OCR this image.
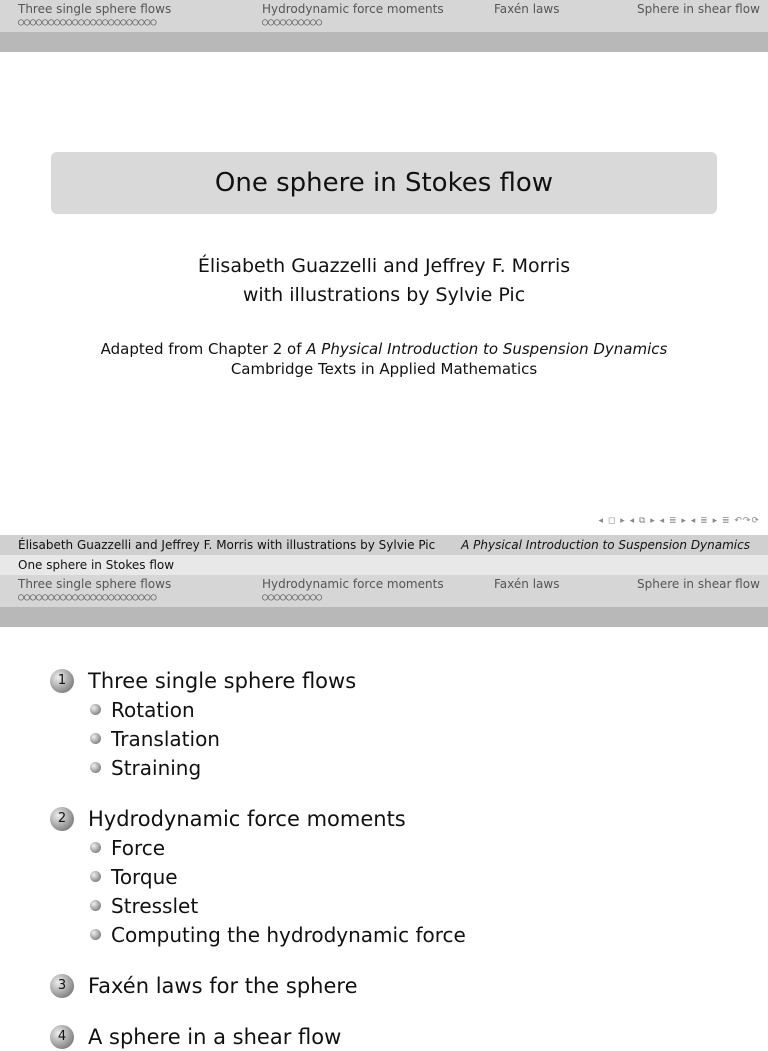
Three single sphere flows
○○○○○○○○○○○○○○○○○○○○○○○
Hydrodynamic force moments
○○○○○○○○○○
Faxén laws	Sphere in shear flow
One sphere in Stokes flow
Élisabeth Guazzelli and Jeffrey F. Morris
with illustrations by Sylvie Pic
Adapted from Chapter 2 of A Physical Introduction to Suspension Dynamics
Cambridge Texts in Applied Mathematics
◂ ◻ ▸ ◂ ⧉ ▸ ◂ ≣ ▸ ◂ ≣ ▸ ≣ ↶↷⟳
Élisabeth Guazzelli and Jeffrey F. Morris with illustrations by Sylvie Pic A Physical Introduction to Suspension Dynamics
One sphere in Stokes flow
Three single sphere flows
○○○○○○○○○○○○○○○○○○○○○○○
Hydrodynamic force moments
○○○○○○○○○○
Faxén laws	Sphere in shear flow
1	Three single sphere flows
Rotation
Translation
Straining
2	Hydrodynamic force moments
Force
Torque
Stresslet
Computing the hydrodynamic force
3	Faxén laws for the sphere
4	A sphere in a shear flow
